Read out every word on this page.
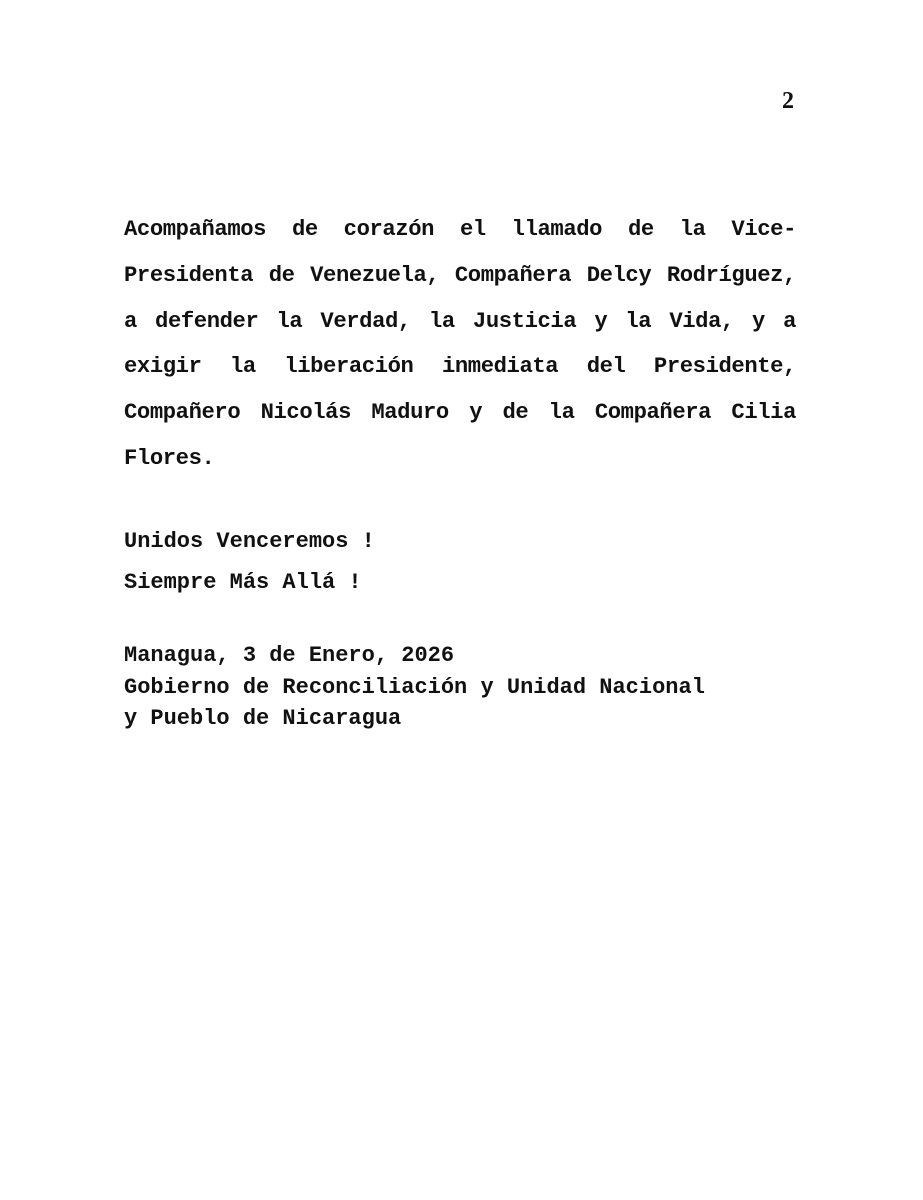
2

Acompañamos de corazón el llamado de la Vice-Presidenta de Venezuela, Compañera Delcy Rodríguez, a defender la Verdad, la Justicia y la Vida, y a exigir la liberación inmediata del Presidente, Compañero Nicolás Maduro y de la Compañera Cilia Flores.

Unidos Venceremos !
Siempre Más Allá !
Managua, 3 de Enero, 2026
Gobierno de Reconciliación y Unidad Nacional
y Pueblo de Nicaragua
